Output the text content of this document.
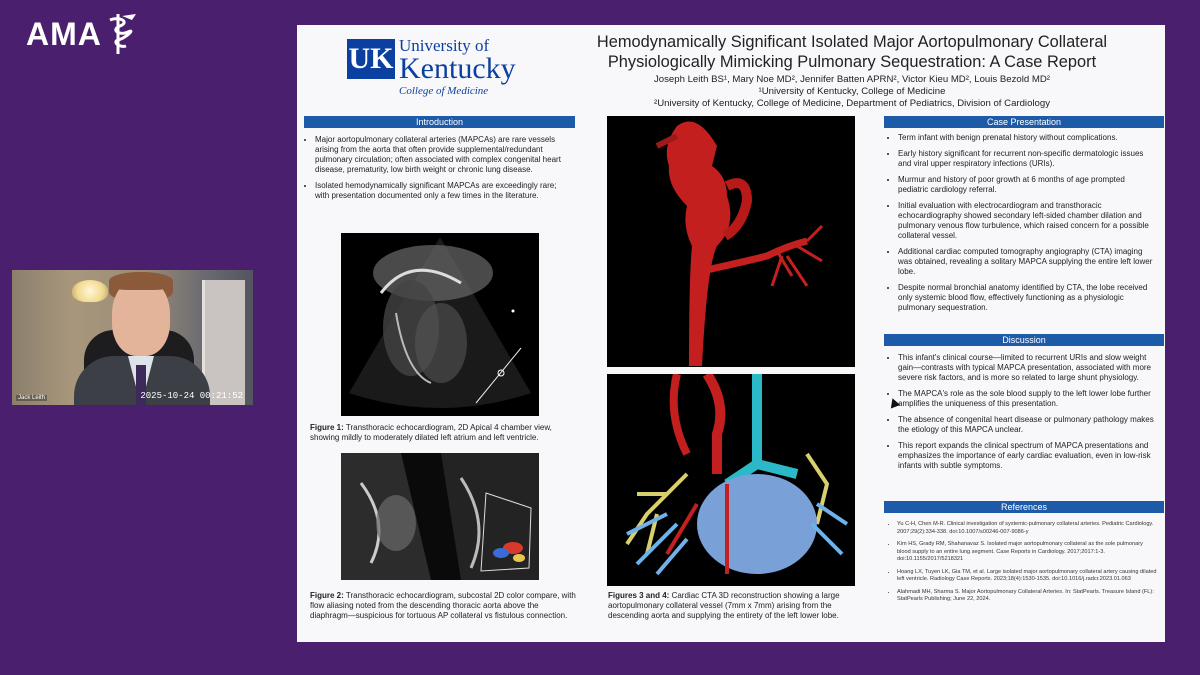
AMA
Jack Leith	2025-10-24 00:21:52
UK University of
Kentucky
College of Medicine
Hemodynamically Significant Isolated Major Aortopulmonary Collateral
Physiologically Mimicking Pulmonary Sequestration: A Case Report
Joseph Leith BS¹, Mary Noe MD², Jennifer Batten APRN², Victor Kieu MD², Louis Bezold MD²
¹University of Kentucky, College of Medicine
²University of Kentucky, College of Medicine, Department of Pediatrics, Division of Cardiology
Introduction
• Major aortopulmonary collateral arteries (MAPCAs) are rare vessels arising from the aorta that often provide supplemental/redundant pulmonary circulation; often associated with complex congenital heart disease, prematurity, low birth weight or chronic lung disease.
• Isolated hemodynamically significant MAPCAs are exceedingly rare; with presentation documented only a few times in the literature.
Figure 1: Transthoracic echocardiogram, 2D Apical 4 chamber view, showing mildly to moderately dilated left atrium and left ventricle.
Figure 2: Transthoracic echocardiogram, subcostal 2D color compare, with flow aliasing noted from the descending thoracic aorta above the diaphragm—suspicious for tortuous AP collateral vs fistulous connection.
Figures 3 and 4: Cardiac CTA 3D reconstruction showing a large aortopulmonary collateral vessel (7mm x 7mm) arising from the descending aorta and supplying the entirety of the left lower lobe.
Case Presentation
• Term infant with benign prenatal history without complications.
• Early history significant for recurrent non-specific dermatologic issues and viral upper respiratory infections (URIs).
• Murmur and history of poor growth at 6 months of age prompted pediatric cardiology referral.
• Initial evaluation with electrocardiogram and transthoracic echocardiography showed secondary left-sided chamber dilation and pulmonary venous flow turbulence, which raised concern for a possible collateral vessel.
• Additional cardiac computed tomography angiography (CTA) imaging was obtained, revealing a solitary MAPCA supplying the entire left lower lobe.
• Despite normal bronchial anatomy identified by CTA, the lobe received only systemic blood flow, effectively functioning as a physiologic pulmonary sequestration.
Discussion
• This infant's clinical course—limited to recurrent URIs and slow weight gain—contrasts with typical MAPCA presentation, associated with more severe risk factors, and is more so related to large shunt physiology.
• The MAPCA's role as the sole blood supply to the left lower lobe further amplifies the uniqueness of this presentation.
• The absence of congenital heart disease or pulmonary pathology makes the etiology of this MAPCA unclear.
• This report expands the clinical spectrum of MAPCA presentations and emphasizes the importance of early cardiac evaluation, even in low-risk infants with subtle symptoms.
References
• Yu C-H, Chen M-R. Clinical investigation of systemic-pulmonary collateral arteries. Pediatric Cardiology. 2007;29(2):334-338. doi:10.1007/s00246-007-9086-y
• Kim HS, Grady RM, Shahanavaz S. Isolated major aortopulmonary collateral as the sole pulmonary blood supply to an entire lung segment. Case Reports in Cardiology. 2017;2017:1-3. doi:10.1155/2017/5218321
• Hoang LX, Tuyen LK, Gia TM, et al. Large isolated major aortopulmonary collateral artery causing dilated left ventricle. Radiology Case Reports. 2023;18(4):1530-1535. doi:10.1016/j.radcr.2023.01.063
• Alahmadi MH, Sharma S. Major Aortopulmonary Collateral Arteries. In: StatPearls. Treasure Island (FL): StatPearls Publishing; June 22, 2024.
